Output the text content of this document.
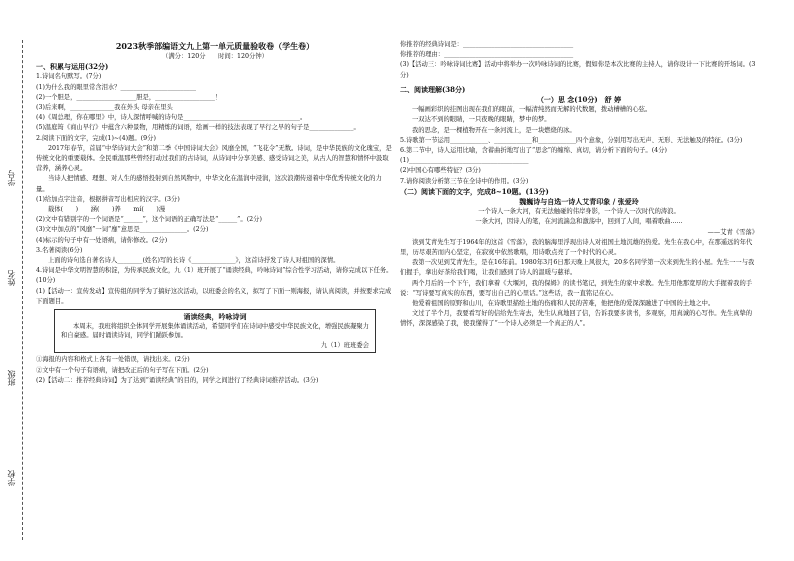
学号
姓名
班级
学校

2023秋季部编语文九上第一单元质量验收卷（学生卷）

（满分：120分　　时间：120分钟）

一、积累与运用(32分)

1.诗词名句默写。(7分)

(1)为什么我的眼里常含泪水？________________________

(2)一个胆是，___________________胆是，___________________！

(3)后来啊，______________我在外头 母亲在里头

(4)《周总理，你在哪里》中，诗人深情呼喊的诗句是_____________________________________。

(5)温庭筠《商山早行》中蕴含六种景物，用精炼的词语，绘画一样的技法表现了早行之早的句子是______________。

2.阅读下面的文字，完成(1)~(4)题。(9分)

2017年春节，首届“中华诗词大会”和第二季《中国诗词大会》风靡全国，“飞花令”无数。诗词，是中华民族的文化瑰宝，是传统文化的重要载体。全民重温那些曾经打动过我们的古诗词，从诗词中分享美感、感受诗词之美，从古人的智慧和情怀中汲取营养，涵养心灵。

当诗人把情感、理想、对人生的感悟投射到自然风物中，中华文化在温润中浸润，这次浪潮传递着中华优秀传统文化的力量。

(1)给加点字注音，根据拼音写出相应的汉字。(3分)

载体(　　)　　涵(　　)养　　mí(　　)漫

(2)文中有错别字的一个词语是“______”，这个词语的正确写法是“______”。(2分)

(3)文中加点的“风靡”一词“靡”意思是_______________。(2分)

(4)标示的句子中有一处语病，请你修改。(2分)

3.名著阅读(6分)

上面的诗句选自著名诗人________(姓名)写的长诗《______________》，这首诗抒发了诗人对祖国的深情。

4.诗词是中华文明智慧的积淀，为传承民族文化，九（1）班开展了“诵读经典，吟咏诗词”综合性学习活动，请你完成以下任务。(10分)

(1)【活动一：宣传发动】宣传组的同学为了搞好这次活动，以班委会的名义，拟写了下面一则海报，请认真阅读，并按要求完成下面题目。

诵读经典，吟咏诗词

本周末，我班将组织全体同学开展集体诵读活动，希望同学们在诗词中感受中华民族文化，增强民族凝聚力和自豪感。届时诵读诗词，同学们踊跃参加。

九（1）班班委会

①海报的内容和格式上各有一处错误，请找出来。(2分)

②文中有一个句子有语病，请把改正后的句子写在下面。(2分)

(2)【活动二：推荐经典诗词】为了达到“诵读经典”的目的，同学之间进行了经典诗词推荐活动。(3分)

你推荐的经典诗词是：___________________________________

你推荐的理由：_________________________________________

(3)【活动三：吟咏诗词比赛】活动中将举办一次吟咏诗词的比赛，假如你是本次比赛的主持人，请你设计一下比赛的开场词。(3分)

二、阅读理解(38分)

（一）思 念(10分)　舒 婷

一幅画彩织的挂图出现在我们的眼前，一幅清纯然而无解的代数题，拨动槽槽的心弦。

一双达不到的眼睛，一只夜晚的眼睛，梦中的梦。

我的思念，是一棵植物开在一条河流上，是一块燃烧的冰。

5.诗歌第一节运用____________、____________和____________四个意象，分别用写出无声、无形、无法触及的特征。(3分)

6.第二节中，诗人运用比喻，含蓄曲折地写出了“思念”的缠绵、真切，请分析下面的句子。(4分)

(1)______________________________________

(2)中国心有哪些特征？(3分)

7.请你阅读分析第三节在全诗中的作用。(3分)

（二）阅读下面的文字，完成8~10题。(13分)

魏巍诗与自选一诗人艾青印象 / 张爱玲

一个诗人一条大河，有无法触碰的伟岸身影，一个诗人一次时代的涛浪。

一条大河，因诗人的笔，在河流湍急和激荡中，回到了人间，唱着歌曲......

——艾青《雪落》

读到艾青先生写于1964年的这首《雪落》，我的脑海里浮现出诗人对祖国土地沉雄的热爱。先生在我心中，在那遥远的年代里，历尽艰苦而内心坚定，在寂寞中依然歌唱，用诗歌点亮了一个时代的心灵。

我第一次见到艾青先生，是在16年前。1980年3月6日那天晚上风很大，20多名同学第一次来到先生的小屋。先生一一与我们握手，拿出好茶给我们喝，让我们感到了诗人的温暖与慈祥。

两个月后的一个下午，我们拿着《大堰河，我的保姆》的读书笔记，到先生的家中求教。先生用他那宽厚的大手握着我的手说：“写诗要写真实的东西，要写出自己的心里话。”这些话，我一直铭记在心。

他爱着祖国的原野和山川，在诗歌里描绘土地的伤痛和人民的苦难，他把他的爱深深融进了中国的土地之中。

文过了半个月，我要看写好的信给先生寄去，先生认真地回了信，告诉我要多读书，多观察，用真诚的心写作。先生真挚的情怀，深深感染了我，使我懂得了“一个诗人必须是一个真正的人”。
